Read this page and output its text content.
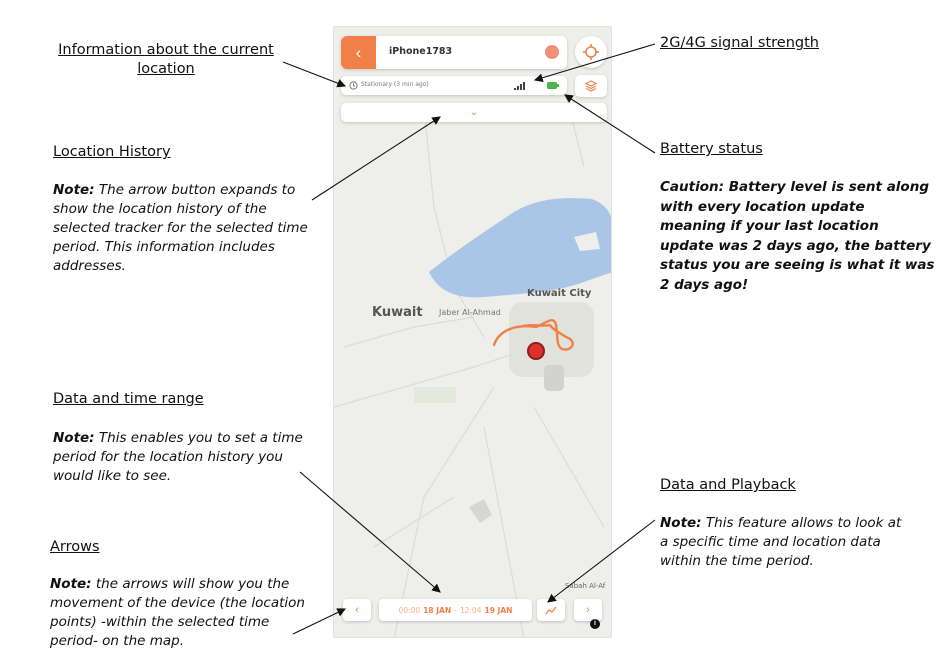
Information about the current location
2G/4G signal strength
Location History
Note: The arrow button expands to show the location history of the selected tracker for the selected time period. This information includes addresses.
Battery status
Caution: Battery level is sent along with every location update meaning if your last location update was 2 days ago, the battery status you are seeing is what it was 2 days ago!
Data and time range
Note: This enables you to set a time period for the location history you would like to see.
Data and Playback
Note: This feature allows to look at a specific time and location data within the time period.
Arrows
Note: the arrows will show you the movement of the device (the location points) -within the selected time period- on the map.
Kuwait Jaber Al-Ahmad
Kuwait City
Sabah Al-Af
‹	iPhone1783
Stationary (3 min ago)
⌄
‹	00:00 18 JAN - 12:04 19 JAN	›
i
